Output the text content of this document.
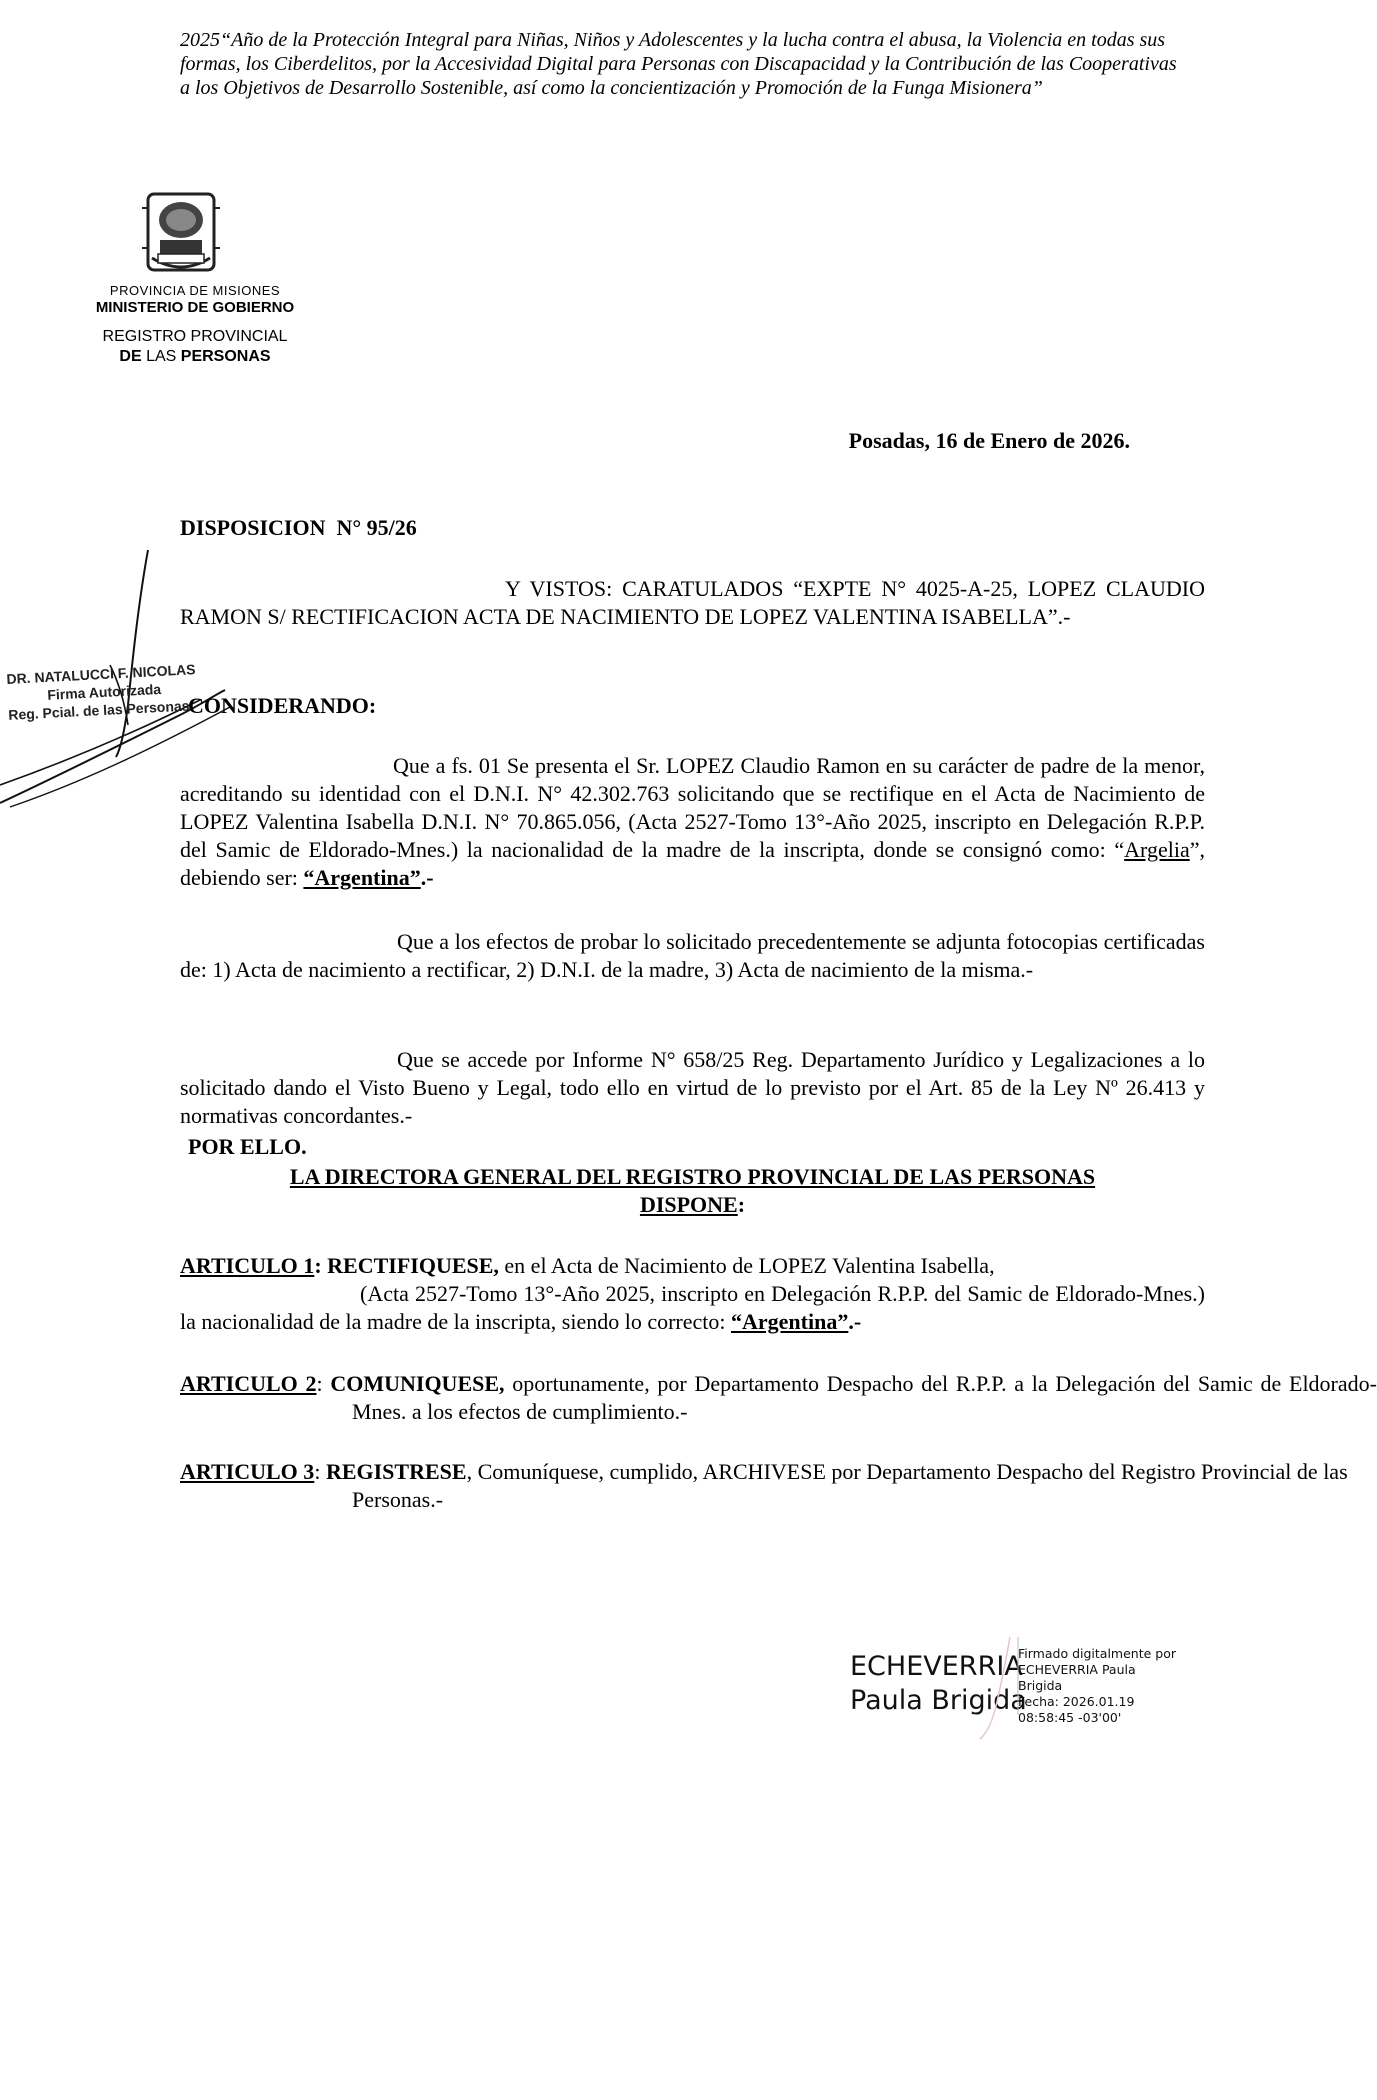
2025“Año de la Protección Integral para Niñas, Niños y Adolescentes y la lucha contra el abusa, la Violencia en todas sus formas, los Ciberdelitos, por la Accesividad Digital para Personas con Discapacidad y la Contribución de las Cooperativas a los Objetivos de Desarrollo Sostenible, así como la concientización y Promoción de la Funga Misionera”
PROVINCIA DE MISIONES
MINISTERIO DE GOBIERNO
REGISTRO PROVINCIAL
DE LAS PERSONAS
Posadas, 16 de Enero de 2026.
DISPOSICION  N° 95/26
Y VISTOS: CARATULADOS “EXPTE N° 4025-A-25, LOPEZ CLAUDIO RAMON S/ RECTIFICACION ACTA DE NACIMIENTO DE LOPEZ VALENTINA ISABELLA”.-
DR. NATALUCCI F. NICOLAS
Firma Autorizada
Reg. Pcial. de las Personas
CONSIDERANDO:
Que a fs. 01 Se presenta el Sr. LOPEZ Claudio Ramon en su carácter de padre de la menor, acreditando su identidad con el D.N.I. N° 42.302.763 solicitando que se rectifique en el Acta de Nacimiento de LOPEZ Valentina Isabella D.N.I. N° 70.865.056, (Acta 2527-Tomo 13°-Año 2025, inscripto en Delegación R.P.P. del Samic de Eldorado-Mnes.) la nacionalidad de la madre de la inscripta, donde se consignó como: “Argelia”, debiendo ser: “Argentina”.-
Que a los efectos de probar lo solicitado precedentemente se adjunta fotocopias certificadas de: 1) Acta de nacimiento a rectificar, 2) D.N.I. de la madre, 3) Acta de nacimiento de la misma.-
Que se accede por Informe N° 658/25 Reg. Departamento Jurídico y Legalizaciones a lo solicitado dando el Visto Bueno y Legal, todo ello en virtud de lo previsto por el Art. 85 de la Ley Nº 26.413 y normativas concordantes.-
POR ELLO.
LA DIRECTORA GENERAL DEL REGISTRO PROVINCIAL DE LAS PERSONAS
DISPONE:
ARTICULO 1: RECTIFIQUESE, en el Acta de Nacimiento de LOPEZ Valentina Isabella,
(Acta 2527-Tomo 13°-Año 2025, inscripto en Delegación R.P.P. del Samic de Eldorado-Mnes.) la nacionalidad de la madre de la inscripta, siendo lo correcto: “Argentina”.-
ARTICULO 2: COMUNIQUESE, oportunamente, por Departamento Despacho del R.P.P. a la Delegación del Samic de Eldorado-Mnes. a los efectos de cumplimiento.-
ARTICULO 3: REGISTRESE, Comuníquese, cumplido, ARCHIVESE por Departamento Despacho del Registro Provincial de las Personas.-
ECHEVERRIA
Paula Brigida
Firmado digitalmente por
ECHEVERRIA Paula
Brigida
Fecha: 2026.01.19
08:58:45 -03'00'
